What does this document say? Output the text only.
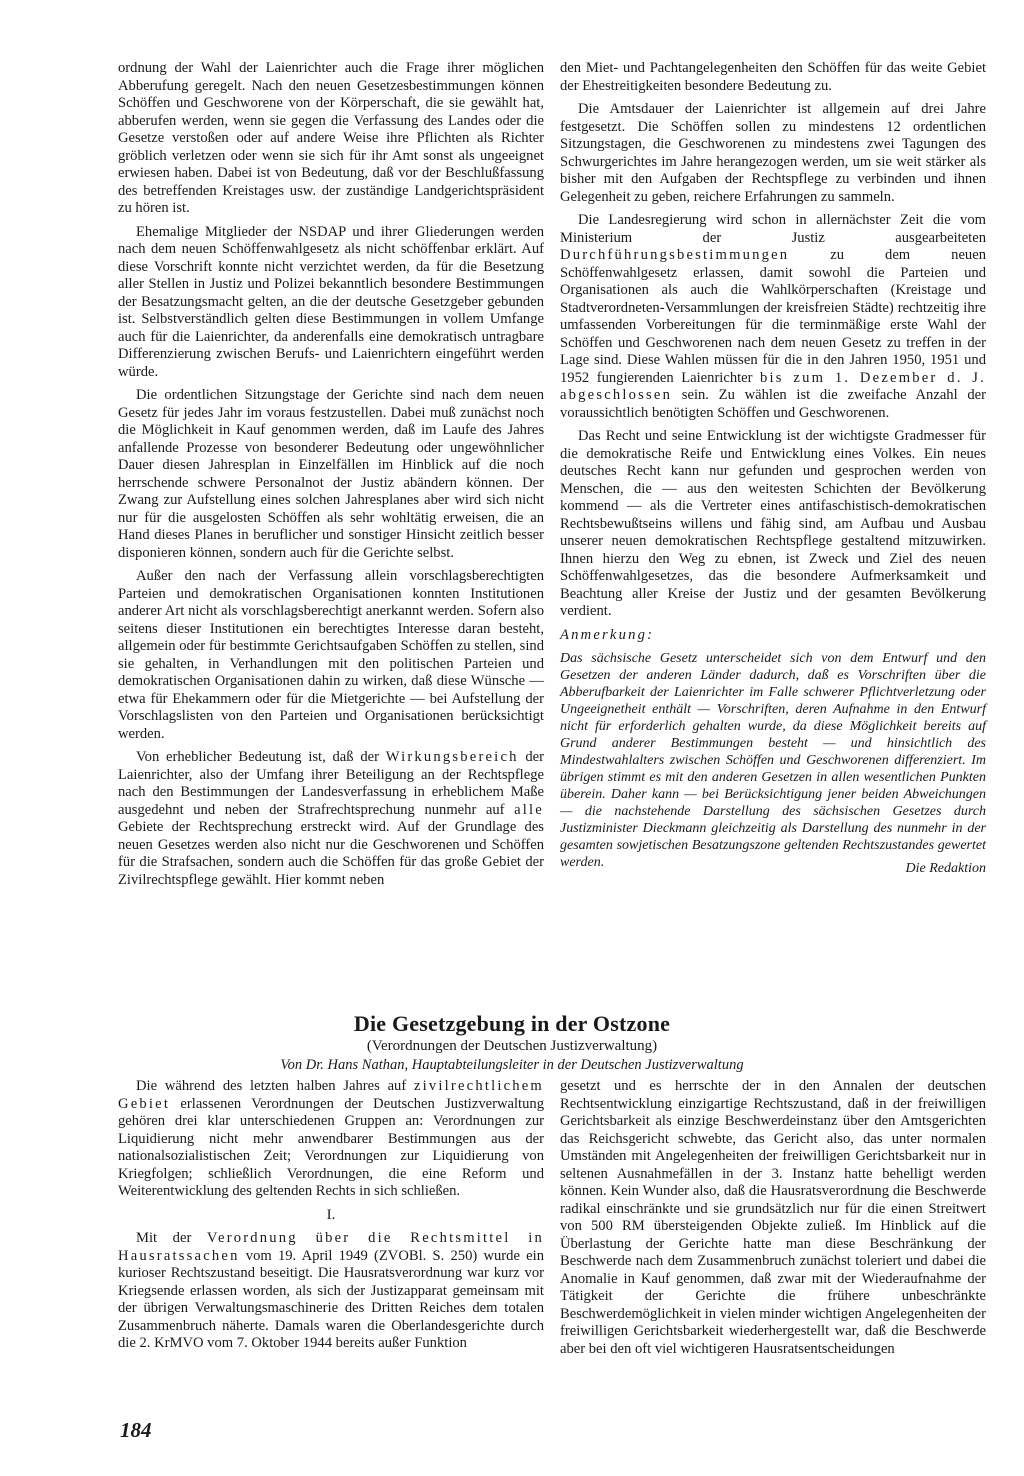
ordnung der Wahl der Laienrichter auch die Frage ihrer möglichen Abberufung geregelt. Nach den neuen Gesetzesbestimmungen können Schöffen und Geschworene von der Körperschaft, die sie gewählt hat, abberufen werden, wenn sie gegen die Verfassung des Landes oder die Gesetze verstoßen oder auf andere Weise ihre Pflichten als Richter gröblich verletzen oder wenn sie sich für ihr Amt sonst als ungeeignet erwiesen haben. Dabei ist von Bedeutung, daß vor der Beschlußfassung des betreffenden Kreistages usw. der zuständige Landgerichtspräsident zu hören ist.

Ehemalige Mitglieder der NSDAP und ihrer Gliederungen werden nach dem neuen Schöffenwahlgesetz als nicht schöffenbar erklärt. Auf diese Vorschrift konnte nicht verzichtet werden, da für die Besetzung aller Stellen in Justiz und Polizei bekanntlich besondere Bestimmungen der Besatzungsmacht gelten, an die der deutsche Gesetzgeber gebunden ist. Selbstverständlich gelten diese Bestimmungen in vollem Umfange auch für die Laienrichter, da anderenfalls eine demokratisch untragbare Differenzierung zwischen Berufs- und Laienrichtern eingeführt werden würde.

Die ordentlichen Sitzungstage der Gerichte sind nach dem neuen Gesetz für jedes Jahr im voraus festzustellen. Dabei muß zunächst noch die Möglichkeit in Kauf genommen werden, daß im Laufe des Jahres anfallende Prozesse von besonderer Bedeutung oder ungewöhnlicher Dauer diesen Jahresplan in Einzelfällen im Hinblick auf die noch herrschende schwere Personalnot der Justiz abändern können. Der Zwang zur Aufstellung eines solchen Jahresplanes aber wird sich nicht nur für die ausgelosten Schöffen als sehr wohltätig erweisen, die an Hand dieses Planes in beruflicher und sonstiger Hinsicht zeitlich besser disponieren können, sondern auch für die Gerichte selbst.

Außer den nach der Verfassung allein vorschlagsberechtigten Parteien und demokratischen Organisationen konnten Institutionen anderer Art nicht als vorschlagsberechtigt anerkannt werden. Sofern also seitens dieser Institutionen ein berechtigtes Interesse daran besteht, allgemein oder für bestimmte Gerichtsaufgaben Schöffen zu stellen, sind sie gehalten, in Verhandlungen mit den politischen Parteien und demokratischen Organisationen dahin zu wirken, daß diese Wünsche — etwa für Ehekammern oder für die Mietgerichte — bei Aufstellung der Vorschlagslisten von den Parteien und Organisationen berücksichtigt werden.

Von erheblicher Bedeutung ist, daß der Wirkungsbereich der Laienrichter, also der Umfang ihrer Beteiligung an der Rechtspflege nach den Bestimmungen der Landesverfassung in erheblichem Maße ausgedehnt und neben der Strafrechtsprechung nunmehr auf alle Gebiete der Rechtsprechung erstreckt wird. Auf der Grundlage des neuen Gesetzes werden also nicht nur die Geschworenen und Schöffen für die Strafsachen, sondern auch die Schöffen für das große Gebiet der Zivilrechtspflege gewählt. Hier kommt neben

den Miet- und Pachtangelegenheiten den Schöffen für das weite Gebiet der Ehestreitigkeiten besondere Bedeutung zu.

Die Amtsdauer der Laienrichter ist allgemein auf drei Jahre festgesetzt. Die Schöffen sollen zu mindestens 12 ordentlichen Sitzungstagen, die Geschworenen zu mindestens zwei Tagungen des Schwurgerichtes im Jahre herangezogen werden, um sie weit stärker als bisher mit den Aufgaben der Rechtspflege zu verbinden und ihnen Gelegenheit zu geben, reichere Erfahrungen zu sammeln.

Die Landesregierung wird schon in allernächster Zeit die vom Ministerium der Justiz ausgearbeiteten Durchführungsbestimmungen zu dem neuen Schöffenwahlgesetz erlassen, damit sowohl die Parteien und Organisationen als auch die Wahlkörperschaften (Kreistage und Stadtverordneten-Versammlungen der kreisfreien Städte) rechtzeitig ihre umfassenden Vorbereitungen für die terminmäßige erste Wahl der Schöffen und Geschworenen nach dem neuen Gesetz zu treffen in der Lage sind. Diese Wahlen müssen für die in den Jahren 1950, 1951 und 1952 fungierenden Laienrichter bis zum 1. Dezember d. J. abgeschlossen sein. Zu wählen ist die zweifache Anzahl der voraussichtlich benötigten Schöffen und Geschworenen.

Das Recht und seine Entwicklung ist der wichtigste Gradmesser für die demokratische Reife und Entwicklung eines Volkes. Ein neues deutsches Recht kann nur gefunden und gesprochen werden von Menschen, die — aus den weitesten Schichten der Bevölkerung kommend — als die Vertreter eines antifaschistisch-demokratischen Rechtsbewußtseins willens und fähig sind, am Aufbau und Ausbau unserer neuen demokratischen Rechtspflege gestaltend mitzuwirken. Ihnen hierzu den Weg zu ebnen, ist Zweck und Ziel des neuen Schöffenwahlgesetzes, das die besondere Aufmerksamkeit und Beachtung aller Kreise der Justiz und der gesamten Bevölkerung verdient.

Anmerkung:

Das sächsische Gesetz unterscheidet sich von dem Entwurf und den Gesetzen der anderen Länder dadurch, daß es Vorschriften über die Abberufbarkeit der Laienrichter im Falle schwerer Pflichtverletzung oder Ungeeignetheit enthält — Vorschriften, deren Aufnahme in den Entwurf nicht für erforderlich gehalten wurde, da diese Möglichkeit bereits auf Grund anderer Bestimmungen besteht — und hinsichtlich des Mindestwahlalters zwischen Schöffen und Geschworenen differenziert. Im übrigen stimmt es mit den anderen Gesetzen in allen wesentlichen Punkten überein. Daher kann — bei Berücksichtigung jener beiden Abweichungen — die nachstehende Darstellung des sächsischen Gesetzes durch Justizminister Dieckmann gleichzeitig als Darstellung des nunmehr in der gesamten sowjetischen Besatzungszone geltenden Rechtszustandes gewertet werden.	Die Redaktion
Die Gesetzgebung in der Ostzone
(Verordnungen der Deutschen Justizverwaltung)
Von Dr. Hans Nathan, Hauptabteilungsleiter in der Deutschen Justizverwaltung

Die während des letzten halben Jahres auf zivilrechtlichem Gebiet erlassenen Verordnungen der Deutschen Justizverwaltung gehören drei klar unterschiedenen Gruppen an: Verordnungen zur Liquidierung nicht mehr anwendbarer Bestimmungen aus der nationalsozialistischen Zeit; Verordnungen zur Liquidierung von Kriegfolgen; schließlich Verordnungen, die eine Reform und Weiterentwicklung des geltenden Rechts in sich schließen.

I.

Mit der Verordnung über die Rechtsmittel in Hausratssachen vom 19. April 1949 (ZVOBl. S. 250) wurde ein kurioser Rechtszustand beseitigt. Die Hausratsverordnung war kurz vor Kriegsende erlassen worden, als sich der Justizapparat gemeinsam mit der übrigen Verwaltungsmaschinerie des Dritten Reiches dem totalen Zusammenbruch näherte. Damals waren die Oberlandesgerichte durch die 2. KrMVO vom 7. Oktober 1944 bereits außer Funktion

gesetzt und es herrschte der in den Annalen der deutschen Rechtsentwicklung einzigartige Rechtszustand, daß in der freiwilligen Gerichtsbarkeit als einzige Beschwerdeinstanz über den Amtsgerichten das Reichsgericht schwebte, das Gericht also, das unter normalen Umständen mit Angelegenheiten der freiwilligen Gerichtsbarkeit nur in seltenen Ausnahmefällen in der 3. Instanz hatte behelligt werden können. Kein Wunder also, daß die Hausratsverordnung die Beschwerde radikal einschränkte und sie grundsätzlich nur für die einen Streitwert von 500 RM übersteigenden Objekte zuließ. Im Hinblick auf die Überlastung der Gerichte hatte man diese Beschränkung der Beschwerde nach dem Zusammenbruch zunächst toleriert und dabei die Anomalie in Kauf genommen, daß zwar mit der Wiederaufnahme der Tätigkeit der Gerichte die frühere unbeschränkte Beschwerdemöglichkeit in vielen minder wichtigen Angelegenheiten der freiwilligen Gerichtsbarkeit wiederhergestellt war, daß die Beschwerde aber bei den oft viel wichtigeren Hausratsentscheidungen

184
